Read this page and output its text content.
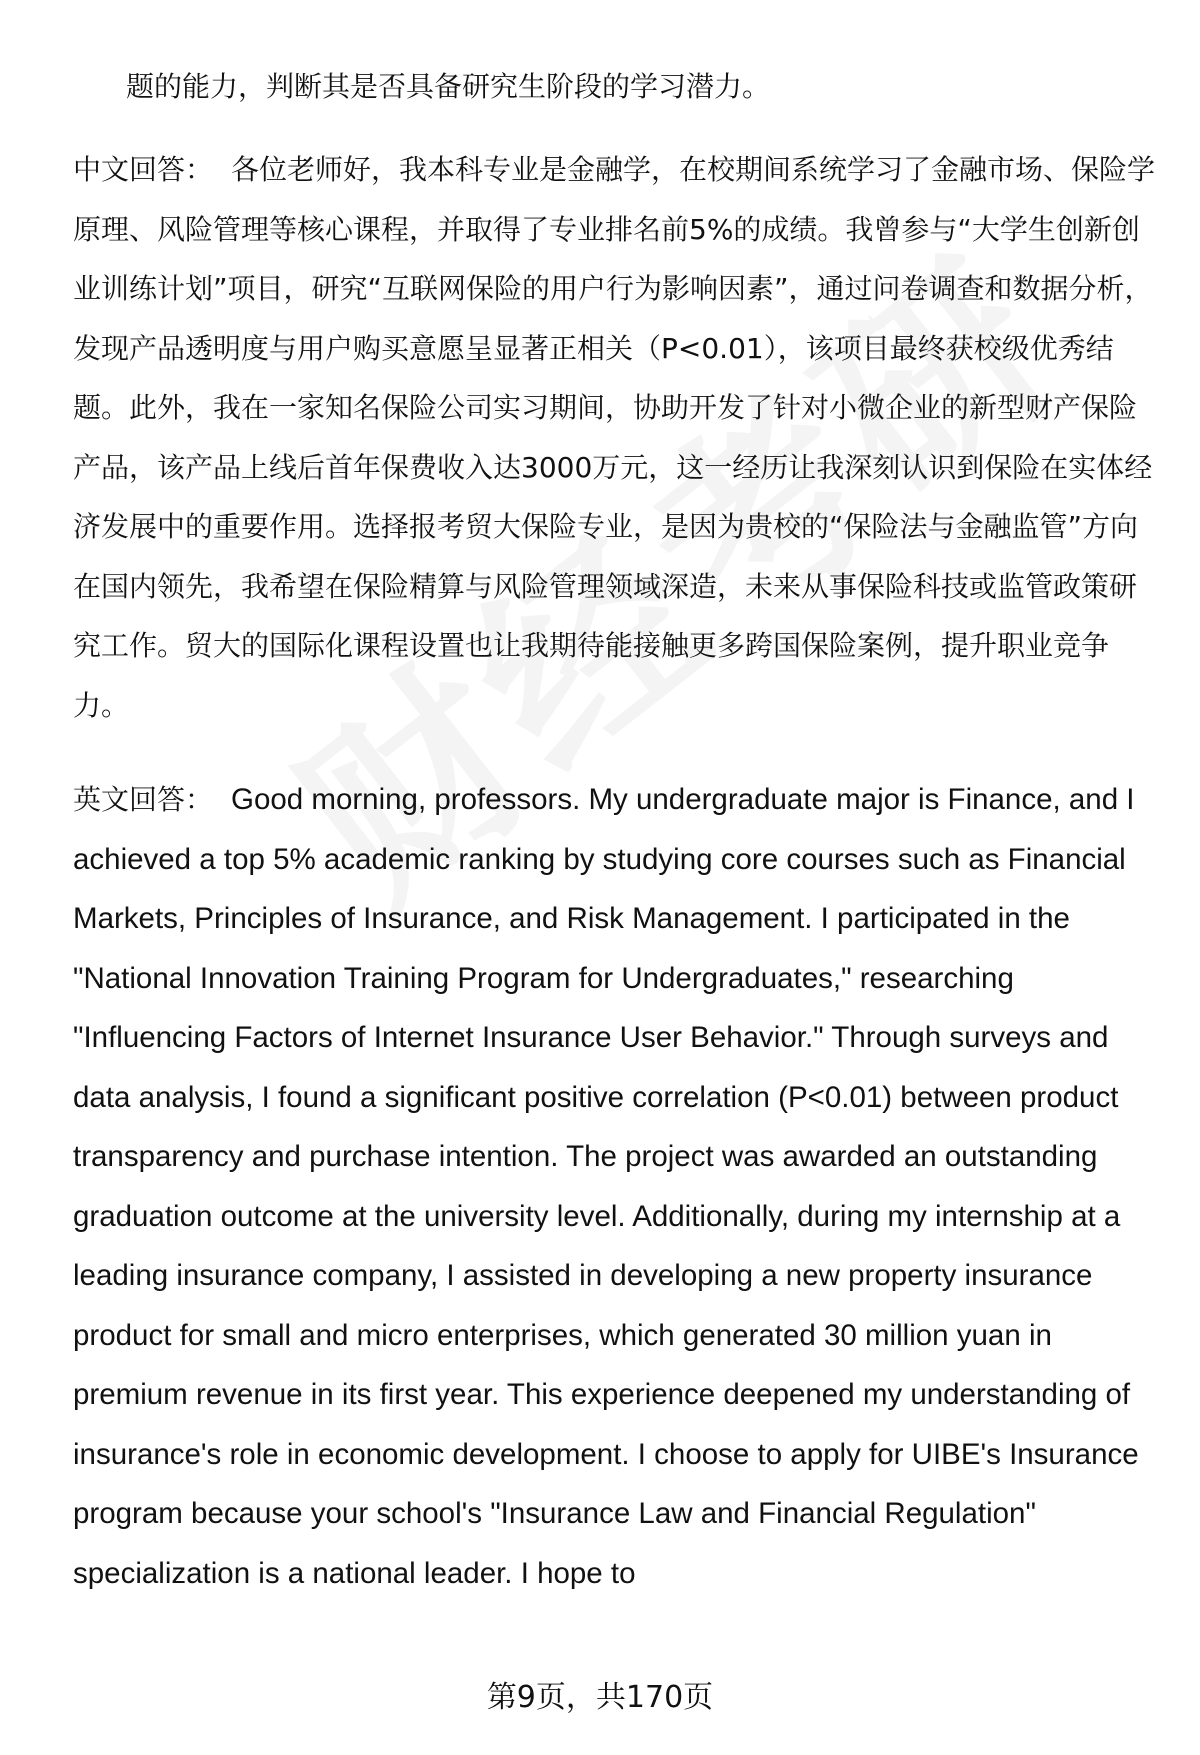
题的能力，判断其是否具备研究生阶段的学习潜力。

中文回答： 各位老师好，我本科专业是金融学，在校期间系统学习了金融市场、保险学原理、风险管理等核心课程，并取得了专业排名前5%的成绩。我曾参与“大学生创新创业训练计划”项目，研究“互联网保险的用户行为影响因素”，通过问卷调查和数据分析，发现产品透明度与用户购买意愿呈显著正相关（P<0.01），该项目最终获校级优秀结题。此外，我在一家知名保险公司实习期间，协助开发了针对小微企业的新型财产保险产品，该产品上线后首年保费收入达3000万元，这一经历让我深刻认识到保险在实体经济发展中的重要作用。选择报考贸大保险专业，是因为贵校的“保险法与金融监管”方向在国内领先，我希望在保险精算与风险管理领域深造，未来从事保险科技或监管政策研究工作。贸大的国际化课程设置也让我期待能接触更多跨国保险案例，提升职业竞争力。

英文回答： Good morning, professors. My undergraduate major is Finance, and I achieved a top 5% academic ranking by studying core courses such as Financial Markets, Principles of Insurance, and Risk Management. I participated in the "National Innovation Training Program for Undergraduates," researching "Influencing Factors of Internet Insurance User Behavior." Through surveys and data analysis, I found a significant positive correlation (P<0.01) between product transparency and purchase intention. The project was awarded an outstanding graduation outcome at the university level. Additionally, during my internship at a leading insurance company, I assisted in developing a new property insurance product for small and micro enterprises, which generated 30 million yuan in premium revenue in its first year. This experience deepened my understanding of insurance's role in economic development. I choose to apply for UIBE's Insurance program because your school's "Insurance Law and Financial Regulation" specialization is a national leader. I hope to

第9页，共170页
